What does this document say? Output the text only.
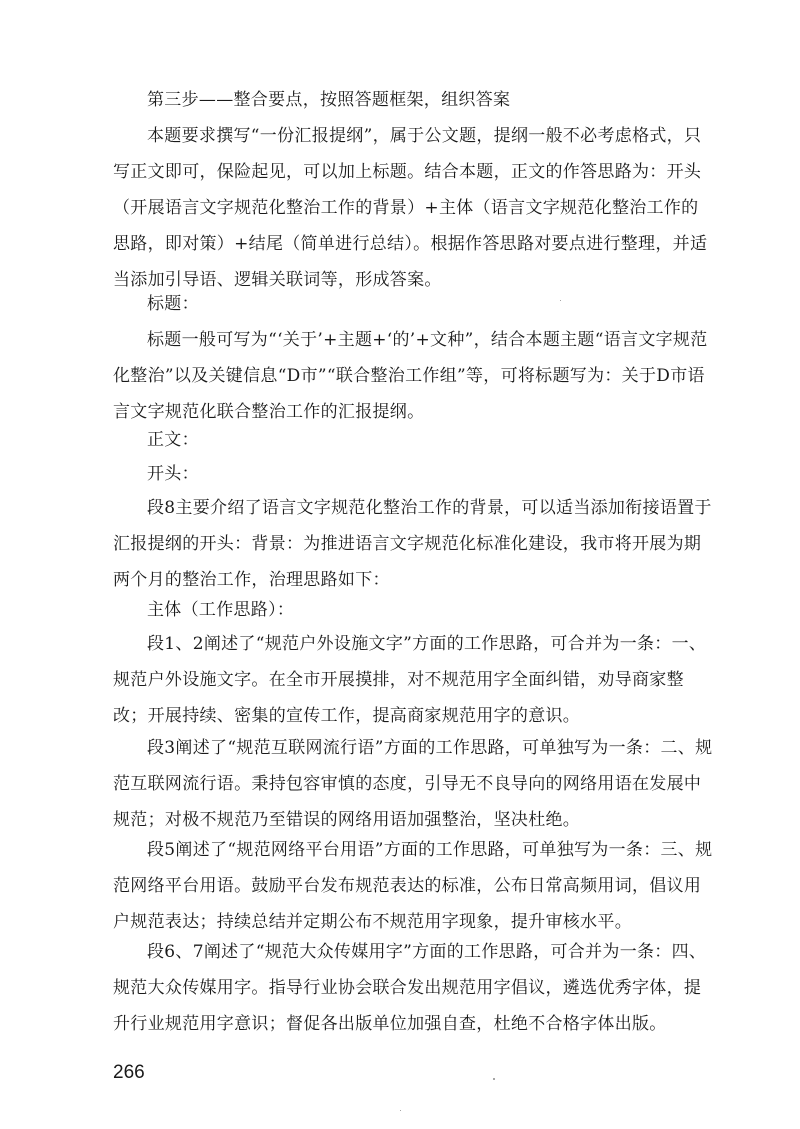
第三步——整合要点，按照答题框架，组织答案

本题要求撰写“一份汇报提纲”，属于公文题，提纲一般不必考虑格式，只写正文即可，保险起见，可以加上标题。结合本题，正文的作答思路为：开头（开展语言文字规范化整治工作的背景）+主体（语言文字规范化整治工作的思路，即对策）+结尾（简单进行总结）。根据作答思路对要点进行整理，并适当添加引导语、逻辑关联词等，形成答案。

标题：

标题一般可写为“‘关于’+主题+‘的’+文种”，结合本题主题“语言文字规范化整治”以及关键信息“D市”“联合整治工作组”等，可将标题写为：关于D市语言文字规范化联合整治工作的汇报提纲。

正文：

开头：

段8主要介绍了语言文字规范化整治工作的背景，可以适当添加衔接语置于汇报提纲的开头：背景：为推进语言文字规范化标准化建设，我市将开展为期两个月的整治工作，治理思路如下：

主体（工作思路）：

段1、2阐述了“规范户外设施文字”方面的工作思路，可合并为一条：一、规范户外设施文字。在全市开展摸排，对不规范用字全面纠错，劝导商家整改；开展持续、密集的宣传工作，提高商家规范用字的意识。

段3阐述了“规范互联网流行语”方面的工作思路，可单独写为一条：二、规范互联网流行语。秉持包容审慎的态度，引导无不良导向的网络用语在发展中规范；对极不规范乃至错误的网络用语加强整治，坚决杜绝。

段5阐述了“规范网络平台用语”方面的工作思路，可单独写为一条：三、规范网络平台用语。鼓励平台发布规范表达的标准，公布日常高频用词，倡议用户规范表达；持续总结并定期公布不规范用字现象，提升审核水平。

段6、7阐述了“规范大众传媒用字”方面的工作思路，可合并为一条：四、规范大众传媒用字。指导行业协会联合发出规范用字倡议，遴选优秀字体，提升行业规范用字意识；督促各出版单位加强自查，杜绝不合格字体出版。

266
